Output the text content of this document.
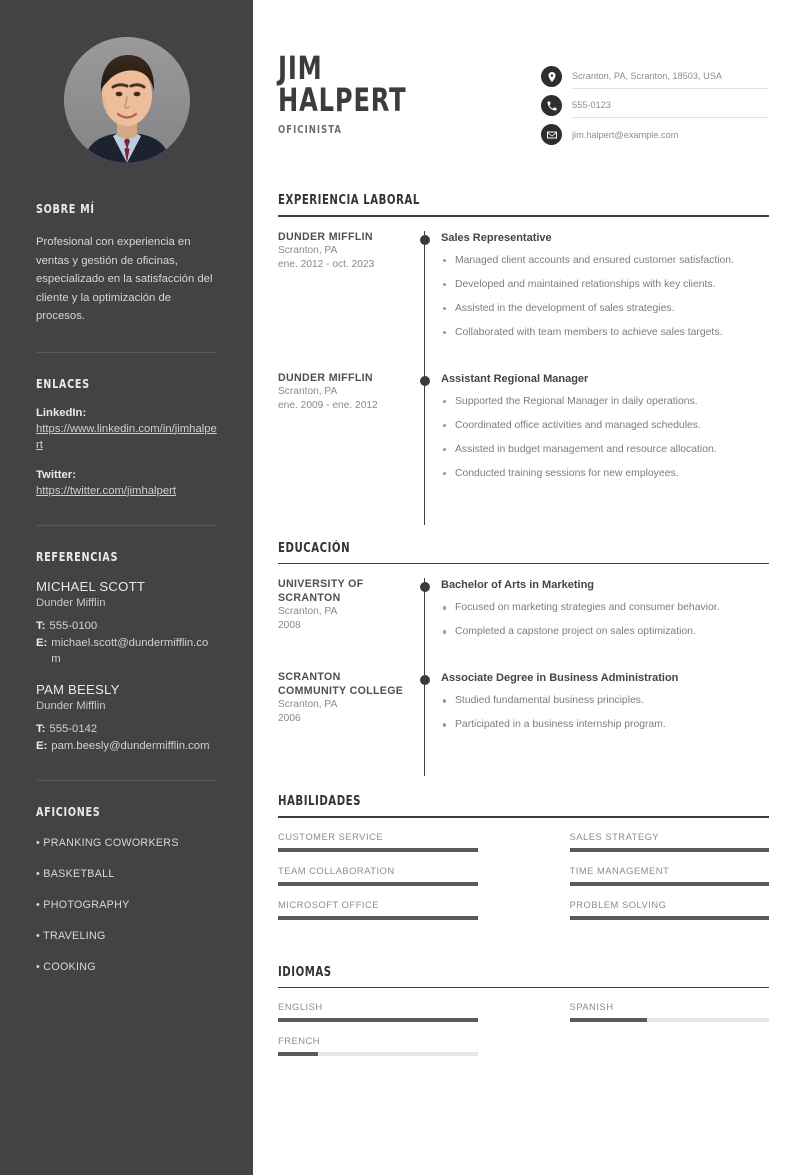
SOBRE MÍ
Profesional con experiencia en ventas y gestión de oficinas, especializado en la satisfacción del cliente y la optimización de procesos.
ENLACES
LinkedIn:
https://www.linkedin.com/in/jimhalpert
Twitter:
https://twitter.com/jimhalpert
REFERENCIAS
MICHAEL SCOTT
Dunder Mifflin
T: 555-0100
E: michael.scott@dundermifflin.com
PAM BEESLY
Dunder Mifflin
T: 555-0142
E: pam.beesly@dundermifflin.com
AFICIONES
• PRANKING COWORKERS
• BASKETBALL
• PHOTOGRAPHY
• TRAVELING
• COOKING
JIM
HALPERT
OFICINISTA
Scranton, PA, Scranton, 18503, USA
555-0123
jim.halpert@example.com
EXPERIENCIA LABORAL
DUNDER MIFFLIN
Scranton, PA
ene. 2012 - oct. 2023
Sales Representative
Managed client accounts and ensured customer satisfaction.
Developed and maintained relationships with key clients.
Assisted in the development of sales strategies.
Collaborated with team members to achieve sales targets.
DUNDER MIFFLIN
Scranton, PA
ene. 2009 - ene. 2012
Assistant Regional Manager
Supported the Regional Manager in daily operations.
Coordinated office activities and managed schedules.
Assisted in budget management and resource allocation.
Conducted training sessions for new employees.
EDUCACIÓN
UNIVERSITY OF SCRANTON
Scranton, PA
2008
Bachelor of Arts in Marketing
Focused on marketing strategies and consumer behavior.
Completed a capstone project on sales optimization.
SCRANTON COMMUNITY COLLEGE
Scranton, PA
2006
Associate Degree in Business Administration
Studied fundamental business principles.
Participated in a business internship program.
HABILIDADES
CUSTOMER SERVICE	SALES STRATEGY
TEAM COLLABORATION	TIME MANAGEMENT
MICROSOFT OFFICE	PROBLEM SOLVING
IDIOMAS
ENGLISH	SPANISH
FRENCH
